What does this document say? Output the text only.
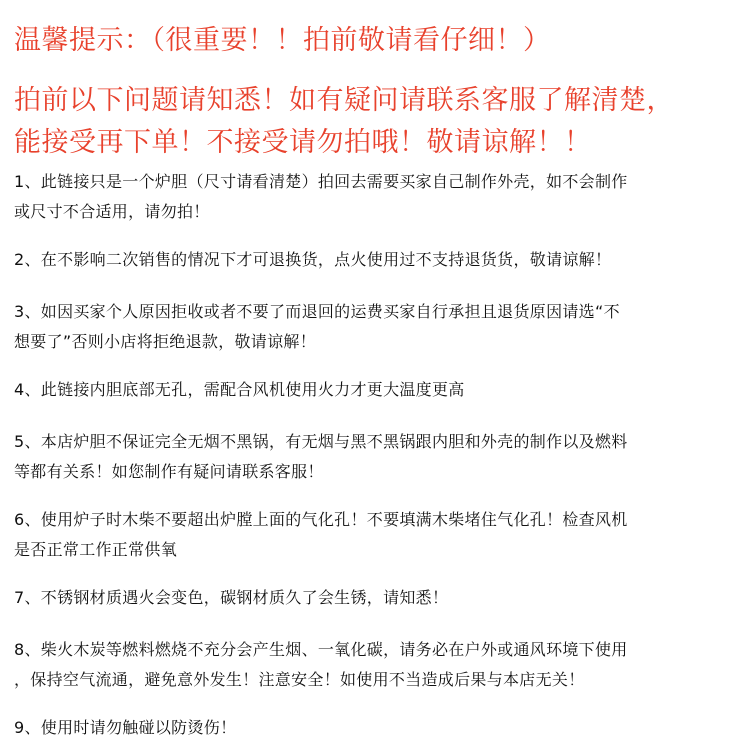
温馨提示：（很重要！！拍前敬请看仔细！）
拍前以下问题请知悉！如有疑问请联系客服了解清楚，
能接受再下单！不接受请勿拍哦！敬请谅解！！
1、此链接只是一个炉胆（尺寸请看清楚）拍回去需要买家自己制作外壳，如不会制作
或尺寸不合适用，请勿拍！
2、在不影响二次销售的情况下才可退换货，点火使用过不支持退货货，敬请谅解！
3、如因买家个人原因拒收或者不要了而退回的运费买家自行承担且退货原因请选“不
想要了”否则小店将拒绝退款，敬请谅解！
4、此链接内胆底部无孔，需配合风机使用火力才更大温度更高
5、本店炉胆不保证完全无烟不黑锅，有无烟与黑不黑锅跟内胆和外壳的制作以及燃料
等都有关系！如您制作有疑问请联系客服！
6、使用炉子时木柴不要超出炉膛上面的气化孔！不要填满木柴堵住气化孔！检查风机
是否正常工作正常供氧
7、不锈钢材质遇火会变色，碳钢材质久了会生锈，请知悉！
8、柴火木炭等燃料燃烧不充分会产生烟、一氧化碳，请务必在户外或通风环境下使用
，保持空气流通，避免意外发生！注意安全！如使用不当造成后果与本店无关！
9、使用时请勿触碰以防烫伤！
